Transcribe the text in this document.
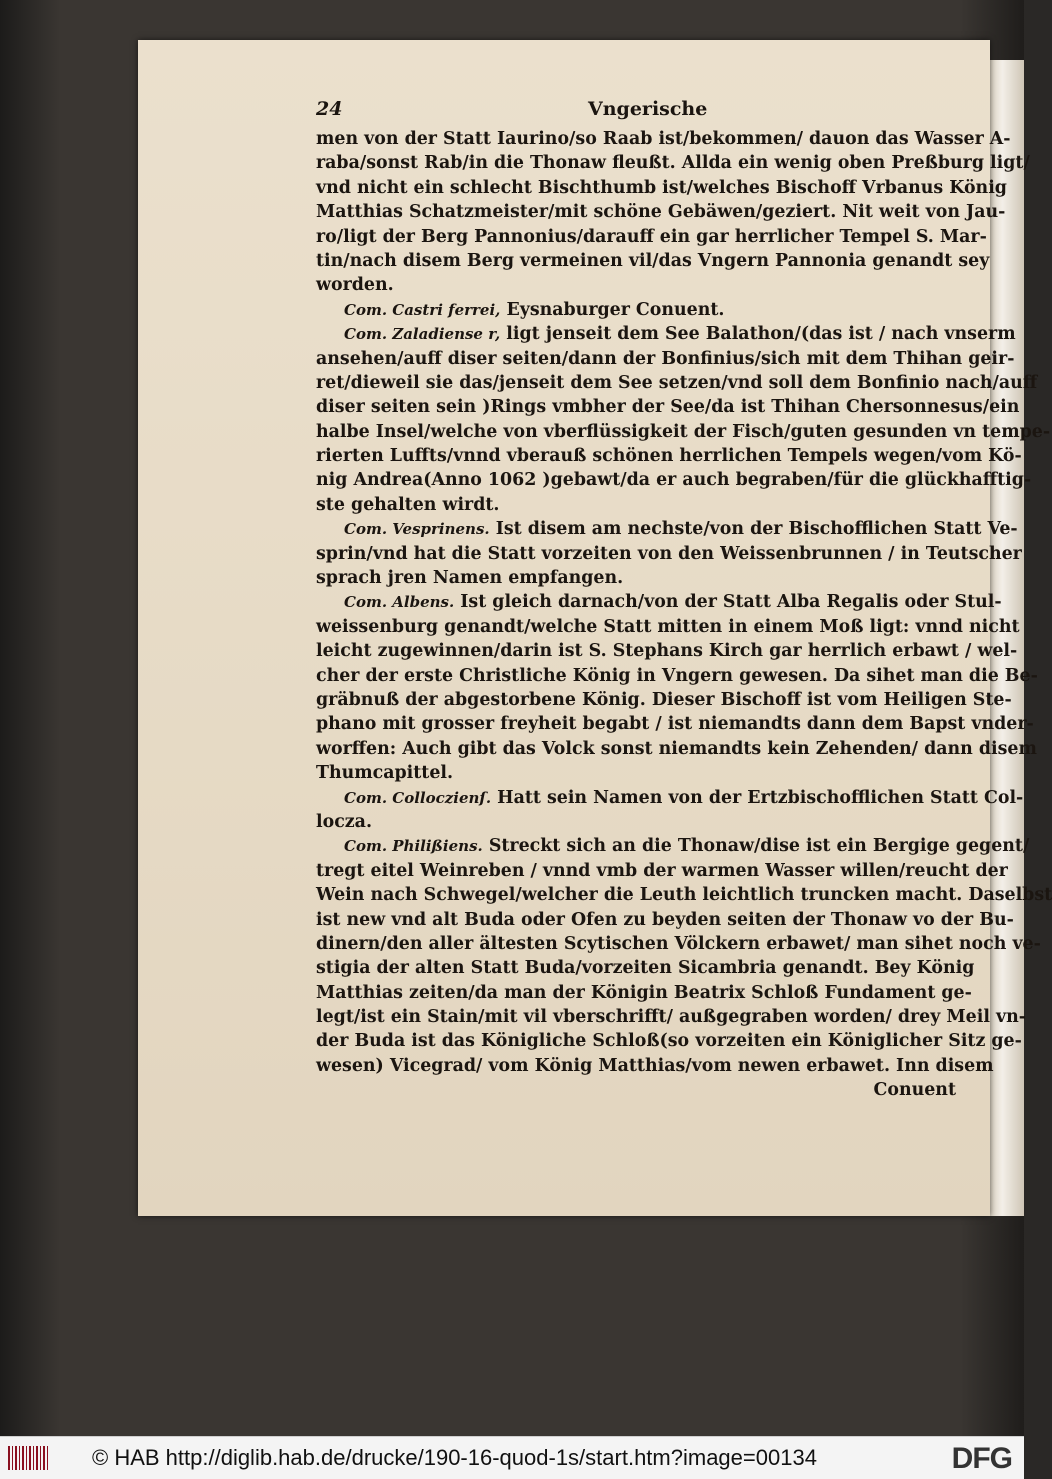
24	Vngerische
men von der Statt Iaurino/so Raab ist/bekommen/ dauon das Wasser A-
raba/sonst Rab/in die Thonaw fleußt. Allda ein wenig oben Preßburg ligt/
vnd nicht ein schlecht Bischthumb ist/welches Bischoff Vrbanus König
Matthias Schatzmeister/mit schöne Gebäwen/geziert. Nit weit von Jau-
ro/ligt der Berg Pannonius/darauff ein gar herrlicher Tempel S. Mar-
tin/nach disem Berg vermeinen vil/das Vngern Pannonia genandt sey
worden.
Com. Castri ferrei, Eysnaburger Conuent.
Com. Zaladiense r, ligt jenseit dem See Balathon/(das ist / nach vnserm
ansehen/auff diser seiten/dann der Bonfinius/sich mit dem Thihan geir-
ret/dieweil sie das/jenseit dem See setzen/vnd soll dem Bonfinio nach/auff
diser seiten sein )Rings vmbher der See/da ist Thihan Chersonnesus/ein
halbe Insel/welche von vberflüssigkeit der Fisch/guten gesunden vn tempe-
rierten Luffts/vnnd vberauß schönen herrlichen Tempels wegen/vom Kö-
nig Andrea(Anno 1062 )gebawt/da er auch begraben/für die glückhafftig-
ste gehalten wirdt.
Com. Vesprinens. Ist disem am nechste/von der Bischofflichen Statt Ve-
sprin/vnd hat die Statt vorzeiten von den Weissenbrunnen / in Teutscher
sprach jren Namen empfangen.
Com. Albens. Ist gleich darnach/von der Statt Alba Regalis oder Stul-
weissenburg genandt/welche Statt mitten in einem Moß ligt: vnnd nicht
leicht zugewinnen/darin ist S. Stephans Kirch gar herrlich erbawt / wel-
cher der erste Christliche König in Vngern gewesen. Da sihet man die Be-
gräbnuß der abgestorbene König. Dieser Bischoff ist vom Heiligen Ste-
phano mit grosser freyheit begabt / ist niemandts dann dem Bapst vnder-
worffen: Auch gibt das Volck sonst niemandts kein Zehenden/ dann disem
Thumcapittel.
Com. Colloczienſ. Hatt sein Namen von der Ertzbischofflichen Statt Col-
locza.
Com. Philißiens. Streckt sich an die Thonaw/dise ist ein Bergige gegent/
tregt eitel Weinreben / vnnd vmb der warmen Wasser willen/reucht der
Wein nach Schwegel/welcher die Leuth leichtlich truncken macht. Daselbst
ist new vnd alt Buda oder Ofen zu beyden seiten der Thonaw vo der Bu-
dinern/den aller ältesten Scytischen Völckern erbawet/ man sihet noch ve-
stigia der alten Statt Buda/vorzeiten Sicambria genandt. Bey König
Matthias zeiten/da man der Königin Beatrix Schloß Fundament ge-
legt/ist ein Stain/mit vil vberschrifft/ außgegraben worden/ drey Meil vn-
der Buda ist das Königliche Schloß(so vorzeiten ein Königlicher Sitz ge-
wesen) Vicegrad/ vom König Matthias/vom newen erbawet. Inn disem
Conuent
© HAB http://diglib.hab.de/drucke/190-16-quod-1s/start.htm?image=00134	DFG
